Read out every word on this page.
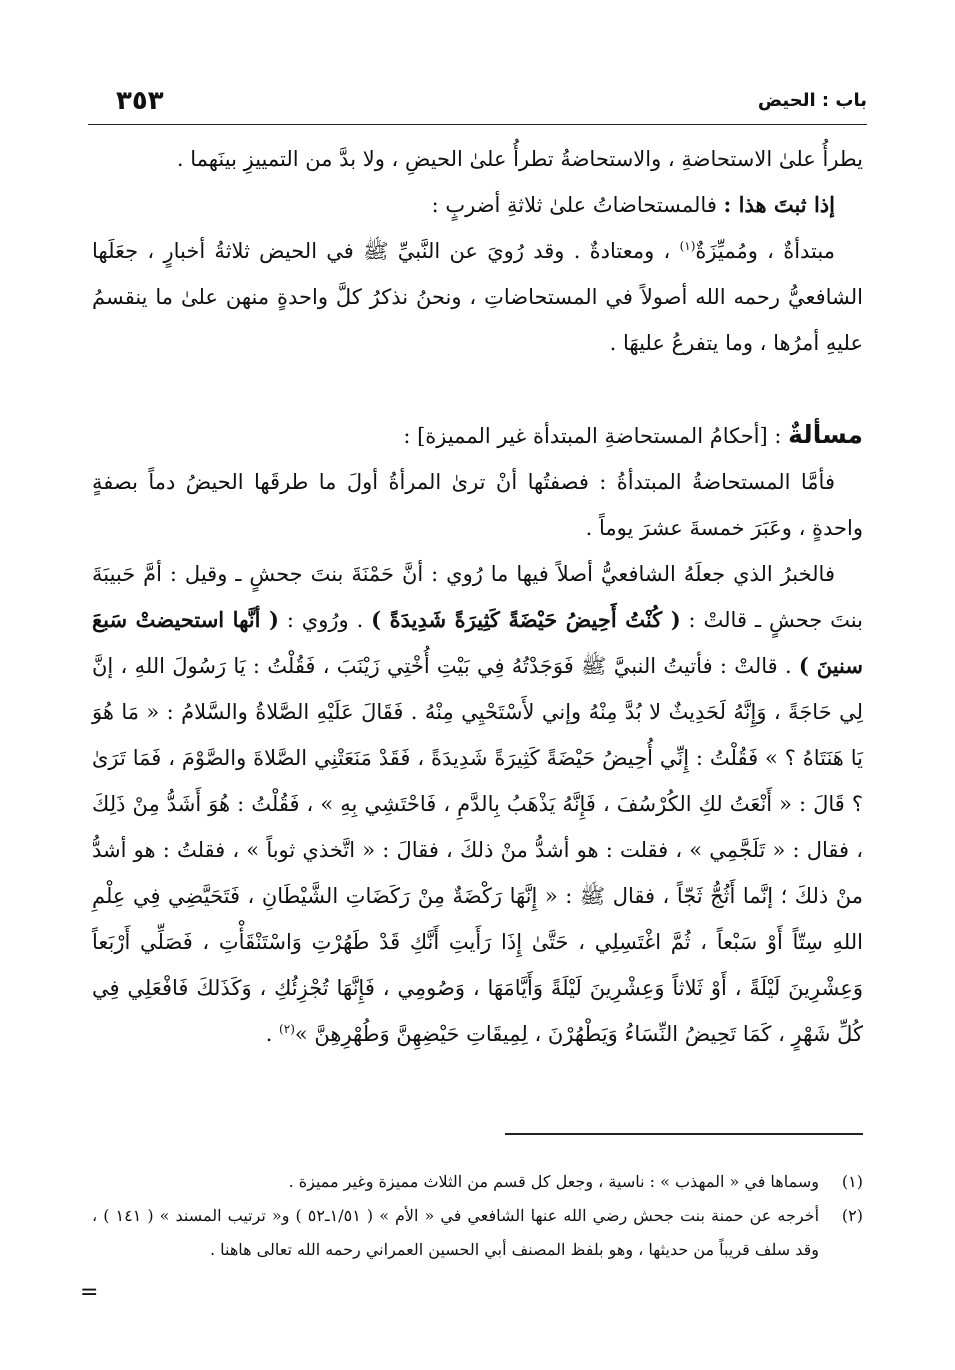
باب : الحيض
٣٥٣

يطرأُ علىٰ الاستحاضةِ ، والاستحاضةُ تطرأُ علىٰ الحيضِ ، ولا بدَّ من التمييزِ بينَهما .

إذا ثبتَ هذا : فالمستحاضاتُ علىٰ ثلاثةِ أضربٍ :

مبتدأةٌ ، ومُميِّزَةٌ$^{(١)}$ ، ومعتادةٌ . وقد رُويَ عن النَّبيِّ ﷺ في الحيض ثلاثةُ أخبارٍ ، جعَلَها الشافعيُّ رحمه الله أصولاً في المستحاضاتِ ، ونحنُ نذكرُ كلَّ واحدةٍ منهن علىٰ ما ينقسمُ عليهِ أمرُها ، وما يتفرعُ عليهَا .

مسألةٌ : [أحكامُ المستحاضةِ المبتدأة غير المميزة] :

فأمَّا المستحاضةُ المبتدأةُ : فصفتُها أنْ ترىٰ المرأةُ أولَ ما طرقَها الحيضُ دماً بصفةٍ واحدةٍ ، وعَبَرَ خمسةَ عشرَ يوماً .

فالخبرُ الذي جعلَهُ الشافعيُّ أصلاً فيها ما رُوي : أنَّ حَمْنَةَ بنتَ جحشٍ ـ وقيل : أمَّ حَبيبَةَ بنتَ جحشٍ ـ قالتْ : ( كُنْتُ أَحِيضُ حَيْضَةً كَثِيرَةً شَدِيدَةً ) . ورُوي : ( أنَّها استحيضتْ سَبعَ سنينَ ) . قالتْ : فأتيتُ النبيَّ ﷺ فَوَجَدْتُهُ فِي بَيْتِ أُخْتِي زَيْنَبَ ، فَقُلْتُ : يَا رَسُولَ اللهِ ، إنَّ لِي حَاجَةً ، وَإِنَّهُ لَحَدِيثٌ لا بُدَّ مِنْهُ وإني لأَسْتَحْيِي مِنْهُ . فَقَالَ عَلَيْهِ الصَّلاةُ والسَّلامُ : « مَا هُوَ يَا هَنَتَاهُ ؟ » فَقُلْتُ : إِنِّي أُحِيضُ حَيْضَةً كَثِيرَةً شَدِيدَةً ، فَقَدْ مَنَعَتْنِي الصَّلاةَ والصَّوْمَ ، فَمَا تَرَىٰ ؟ قَالَ : « أَنْعَتُ لكِ الكُرْسُفَ ، فَإِنَّهُ يَذْهَبُ بِالدَّمِ ، فَاحْتَشِي بِهِ » ، فَقُلْتُ : هُوَ أَشَدُّ مِنْ ذَلِكَ ، فقال : « تَلَجَّمِي » ، فقلت : هو أشدُّ منْ ذلكَ ، فقالَ : « اتَّخذي ثوباً » ، فقلتُ : هو أشدُّ منْ ذلكَ ؛ إنَّما أَثُجُّ ثَجّاً ، فقال ﷺ : « إِنَّهَا رَكْضَةٌ مِنْ رَكَضَاتِ الشَّيْطَانِ ، فَتَحَيَّضِي فِي عِلْمِ اللهِ سِتّاً أَوْ سَبْعاً ، ثُمَّ اغْتَسِلِي ، حَتَّىٰ إِذَا رَأَيتِ أَنَّكِ قَدْ طَهُرْتِ وَاسْتَنْقَأْتِ ، فَصَلِّي أَرْبَعاً وَعِشْرِينَ لَيْلَةً ، أَوْ ثَلاثاً وَعِشْرِينَ لَيْلَةً وَأَيَّامَهَا ، وَصُومِي ، فَإِنَّهَا تُجْزِئُكِ ، وَكَذَلكَ فَافْعَلِي فِي كُلِّ شَهْرٍ ، كَمَا تَحِيضُ النِّسَاءُ وَيَطْهُرْنَ ، لِمِيقَاتِ حَيْضِهِنَّ وَطُهْرِهِنَّ »$^{(٢)}$ .

(١)
وسماها في « المهذب » : ناسية ، وجعل كل قسم من الثلاث مميزة وغير مميزة .
(٢)
أخرجه عن حمنة بنت جحش رضي الله عنها الشافعي في « الأم » ( ١/٥١ـ٥٢ ) و« ترتيب المسند » ( ١٤١ ) ، وقد سلف قريباً من حديثها ، وهو بلفظ المصنف أبي الحسين العمراني رحمه الله تعالى هاهنا .
=
